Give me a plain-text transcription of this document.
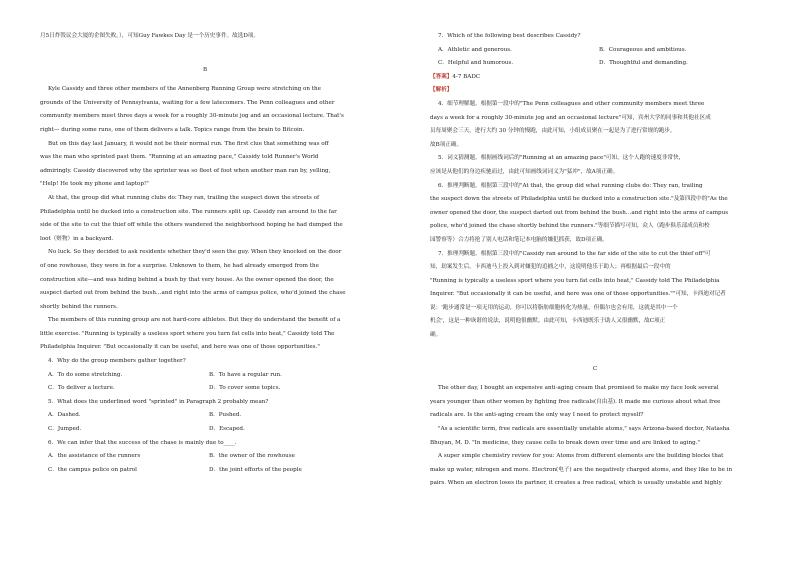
月5日炸毁议会大厦的企图失败。），可知Guy Fawkes Day 是一个历史事件。故选D项。
B
Kyle Cassidy and three other members of the Annenberg Running Group were stretching on the
grounds of the University of Pennsylvania, waiting for a few latecomers. The Penn colleagues and other
community members meet three days a week for a roughly 30-minute jog and an occasional lecture. That's
right— during some runs, one of them delivers a talk. Topics range from the brain to Bitcoin.
But on this day last January, it would not be their normal run. The first clue that something was off
was the man who sprinted past them. "Running at an amazing pace," Cassidy told Runner's World
admiringly. Cassidy discovered why the sprinter was so fleet of foot when another man ran by, yelling,
"Help! He took my phone and laptop!"
At that, the group did what running clubs do: They ran, trailing the suspect down the streets of
Philadelphia until he ducked into a construction site. The runners split up. Cassidy ran around to the far
side of the site to cut the thief off while the others wandered the neighborhood hoping he had dumped the
loot（赃物）in a backyard.
No luck. So they decided to ask residents whether they'd seen the guy. When they knocked on the door
of one rowhouse, they were in for a surprise. Unknown to them, he had already emerged from the
construction site—and was hiding behind a bush by that very house. As the owner opened the door, the
suspect darted out from behind the bush…and right into the arms of campus police, who'd joined the chase
shortly behind the runners.
The members of this running group are not hard-core athletes. But they do understand the benefit of a
little exercise. "Running is typically a useless sport where you turn fat cells into heat," Cassidy told The
Philadelphia Inquirer. "But occasionally it can be useful, and here was one of those opportunities."
4．Why do the group members gather together?
A．To do some stretching.	B．To have a regular run.
C．To deliver a lecture.	D．To cover some topics.
5．What does the underlined word "sprinted" in Paragraph 2 probably mean?
A．Dashed.	B．Pushed.
C．Jumped.	D．Escaped.
6．We can infer that the success of the chase is mainly due to____.
A．the assistance of the runners	B．the owner of the rowhouse
C．the campus police on patrol	D．the joint efforts of the people
7．Which of the following best describes Cassidy?
A．Athletic and generous.	B．Courageous and ambitious.
C．Helpful and humorous.	D．Thoughtful and demanding.
【答案】4-7 BADC
【解析】
4．细节理解题。根据第一段中的"The Penn colleagues and other community members meet three
days a week for a roughly 30-minute jog and an occasional lecture"可知，宾州大学的同事和其他社区成
员每周聚会三天，进行大约 30 分钟的慢跑，由此可知，小组成员聚在一起是为了进行常规的跑步，
故B项正确。
5．词义猜测题。根据画线词后的"Running at an amazing pace"可知，这个人跑的速度非常快，
应该是从他们的身边疾驰而过，由此可知画线词词义为"猛冲"，故A项正确。
6．推理判断题。根据第三段中的"At that, the group did what running clubs do: They ran, trailing
the suspect down the streets of Philadelphia until he ducked into a construction site."及第四段中的"As the
owner opened the door, the suspect darted out from behind the bush…and right into the arms of campus
police, who'd joined the chase shortly behind the runners."等细节描写可知，众人（跑步俱乐部成员和校
园警察等）合力将抢了别人电话和笔记本电脑的嫌犯抓获，故D项正确。
7．推理判断题。根据第三段中的"Cassidy ran around to the far side of the site to cut the thief off"可
知，劫案发生后，卡西迪马上投入到对嫌犯的追捕之中，这说明他乐于助人；再根据最后一段中的
"Running is typically a useless sport where you turn fat cells into heat," Cassidy told The Philadelphia
Inquirer. "But occasionally it can be useful, and here was one of those opportunities.""可知，卡西迪对记者
说：'跑步通常是一项无用的运动，你可以将脂肪细胞转化为热量，但偶尔也会有用，这就是其中一个
机会'，这是一种诙谐的说法，说明他很幽默。由此可知，卡西迪既乐于助人又很幽默，故C项正
确。
C
The other day, I bought an expensive anti-aging cream that promised to make my face look several
years younger than other women by fighting free radicals(自由基). It made me curious about what free
radicals are. Is the anti-aging cream the only way I need to protect myself?
"As a scientific term, free radicals are essentially unstable atoms," says Arizona-based doctor, Natasha
Bhuyan, M. D. "In medicine, they cause cells to break down over time and are linked to aging."
A super simple chemistry review for you: Atoms from different elements are the building blocks that
make up water, nitrogen and more. Electron(电子) are the negatively charged atoms, and they like to be in
pairs. When an electron loses its partner, it creates a free radical, which is usually unstable and highly
